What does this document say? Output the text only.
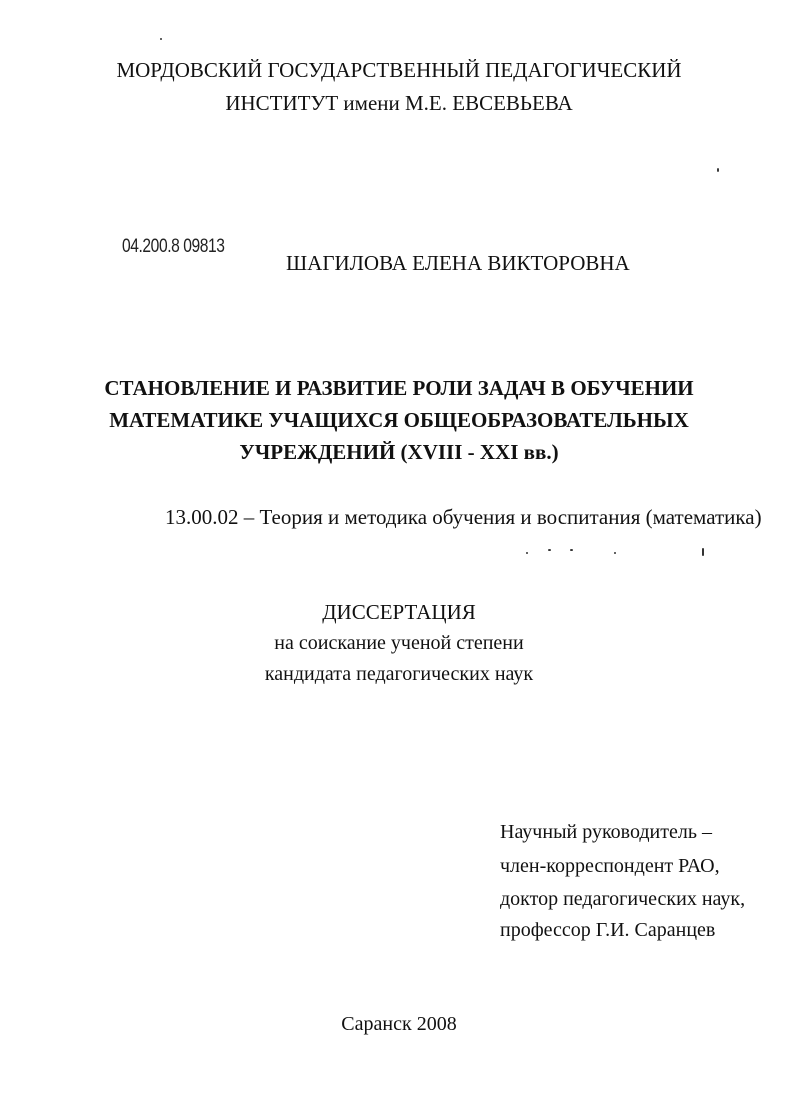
МОРДОВСКИЙ ГОСУДАРСТВЕННЫЙ ПЕДАГОГИЧЕСКИЙ
ИНСТИТУТ имени М.Е. ЕВСЕВЬЕВА
04.200.8 09813
ШАГИЛОВА ЕЛЕНА ВИКТОРОВНА
СТАНОВЛЕНИЕ И РАЗВИТИЕ РОЛИ ЗАДАЧ В ОБУЧЕНИИ
МАТЕМАТИКЕ УЧАЩИХСЯ ОБЩЕОБРАЗОВАТЕЛЬНЫХ
УЧРЕЖДЕНИЙ (XVIII - XXI вв.)
13.00.02 – Теория и методика обучения и воспитания (математика)
ДИССЕРТАЦИЯ
на соискание ученой степени
кандидата педагогических наук
Научный руководитель –
член-корреспондент РАО,
доктор педагогических наук,
профессор Г.И. Саранцев
Саранск 2008
